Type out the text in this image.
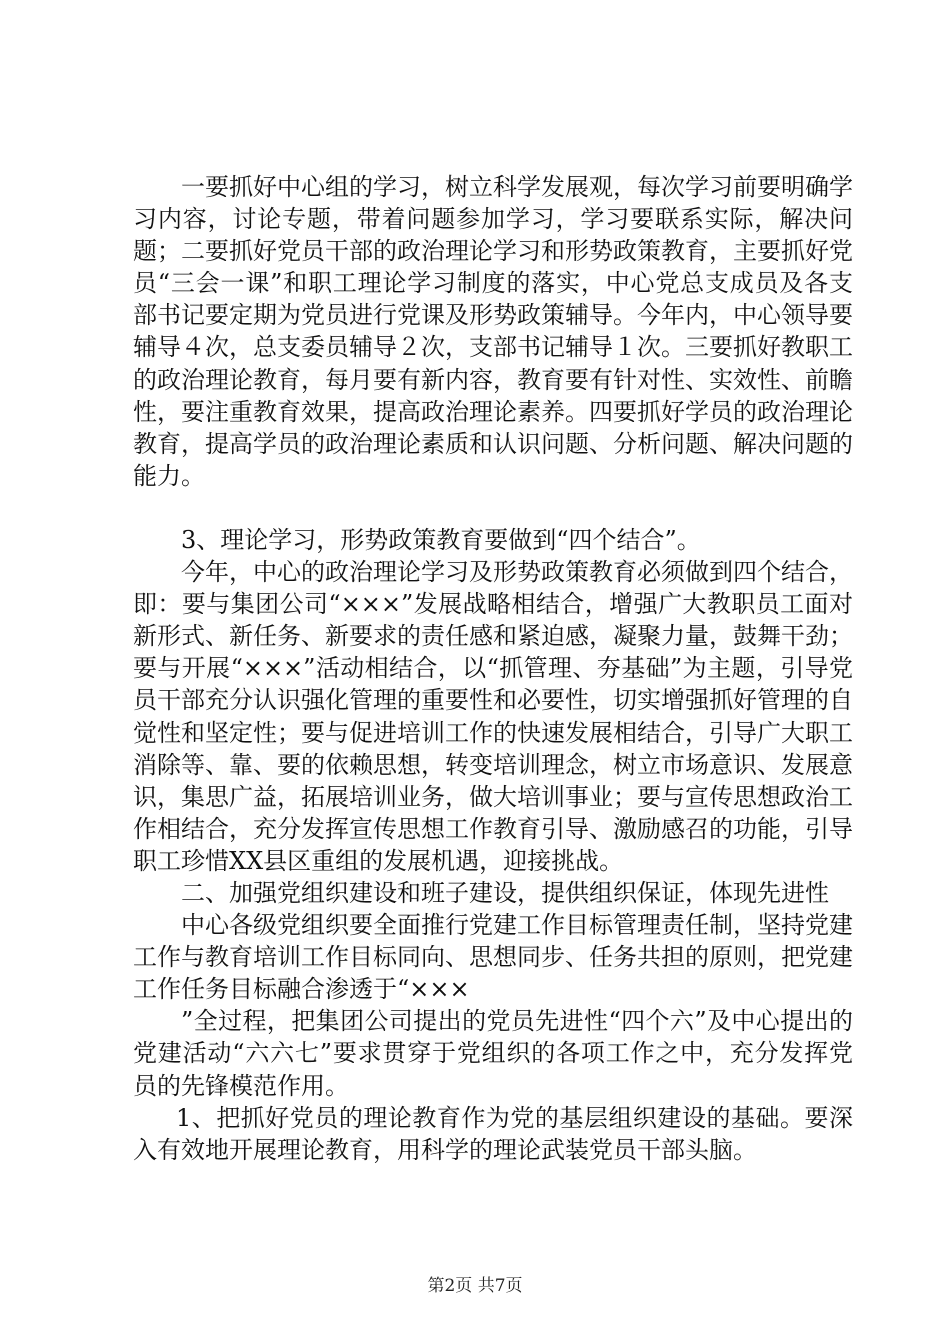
一要抓好中心组的学习，树立科学发展观，每次学习前要明确学习内容，讨论专题，带着问题参加学习，学习要联系实际，解决问题；二要抓好党员干部的政治理论学习和形势政策教育，主要抓好党员“三会一课”和职工理论学习制度的落实，中心党总支成员及各支部书记要定期为党员进行党课及形势政策辅导。今年内，中心领导要辅导４次，总支委员辅导２次，支部书记辅导１次。三要抓好教职工的政治理论教育，每月要有新内容，教育要有针对性、实效性、前瞻性，要注重教育效果，提高政治理论素养。四要抓好学员的政治理论教育，提高学员的政治理论素质和认识问题、分析问题、解决问题的能力。

3、理论学习，形势政策教育要做到“四个结合”。

今年，中心的政治理论学习及形势政策教育必须做到四个结合，即：要与集团公司“×××”发展战略相结合，增强广大教职员工面对新形式、新任务、新要求的责任感和紧迫感，凝聚力量，鼓舞干劲；要与开展“×××”活动相结合，以“抓管理、夯基础”为主题，引导党员干部充分认识强化管理的重要性和必要性，切实增强抓好管理的自觉性和坚定性；要与促进培训工作的快速发展相结合，引导广大职工消除等、靠、要的依赖思想，转变培训理念，树立市场意识、发展意识，集思广益，拓展培训业务，做大培训事业；要与宣传思想政治工作相结合，充分发挥宣传思想工作教育引导、激励感召的功能，引导职工珍惜XX县区重组的发展机遇，迎接挑战。

二、加强党组织建设和班子建设，提供组织保证，体现先进性

中心各级党组织要全面推行党建工作目标管理责任制，坚持党建工作与教育培训工作目标同向、思想同步、任务共担的原则，把党建工作任务目标融合渗透于“×××

”全过程，把集团公司提出的党员先进性“四个六”及中心提出的党建活动“六六七”要求贯穿于党组织的各项工作之中，充分发挥党员的先锋模范作用。

1、把抓好党员的理论教育作为党的基层组织建设的基础。要深入有效地开展理论教育，用科学的理论武装党员干部头脑。

第2页 共7页
